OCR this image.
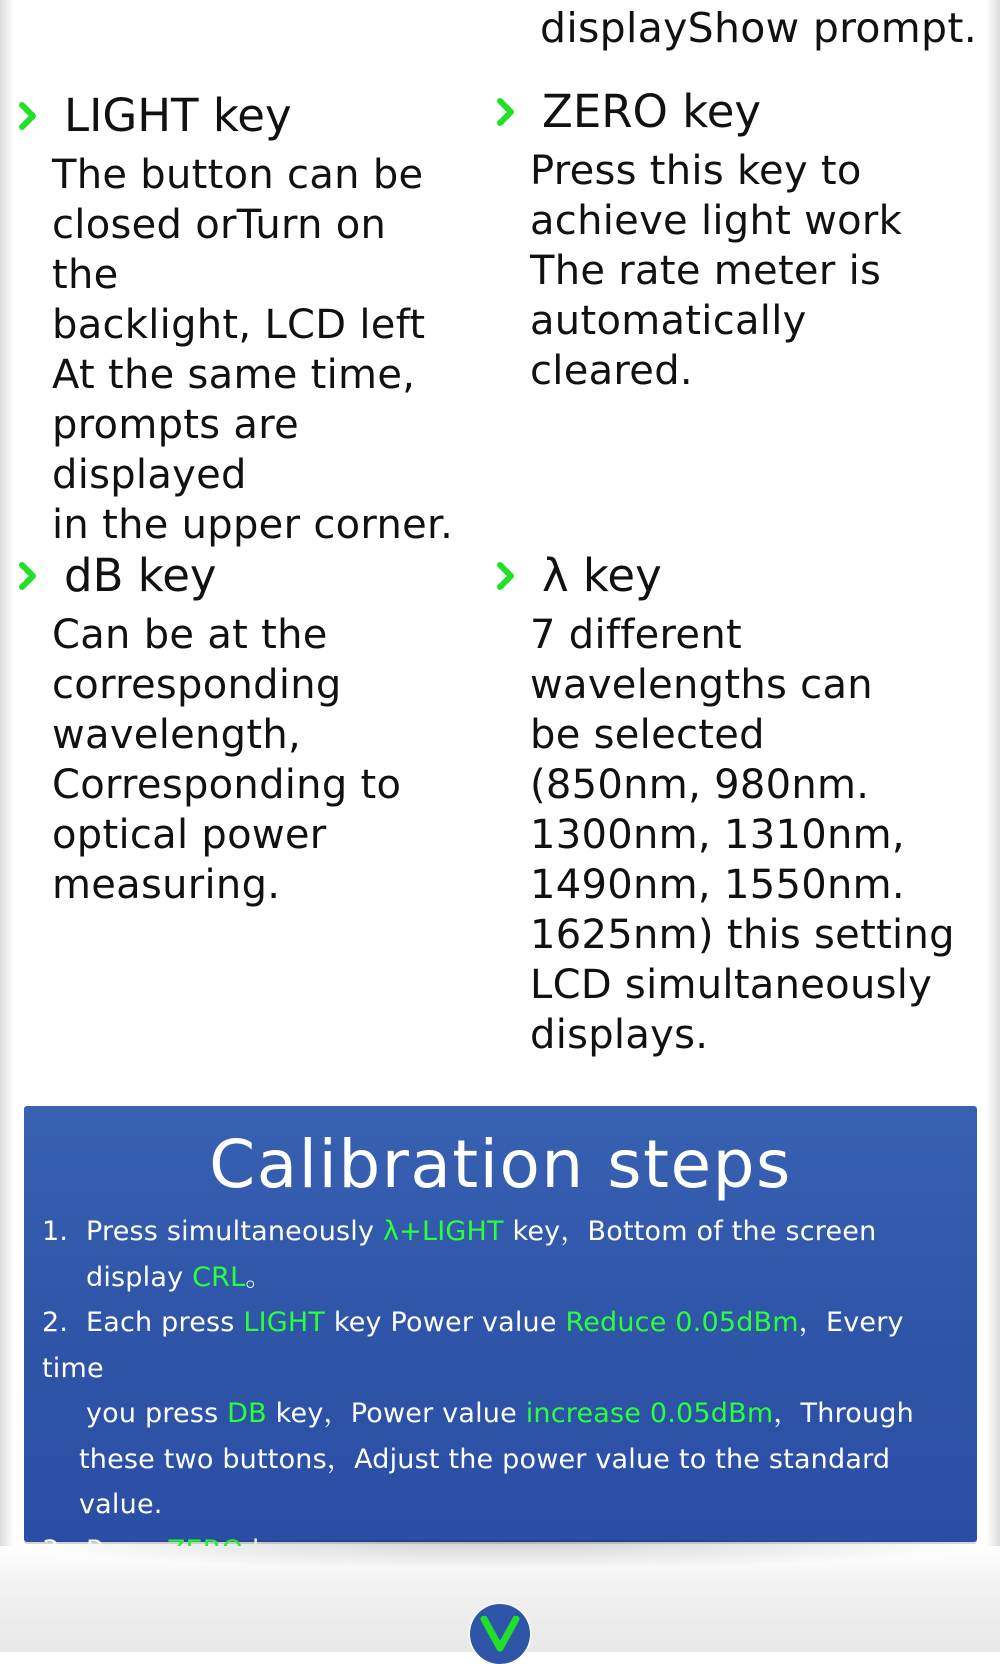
displayShow prompt.
LIGHT key
The button can be
closed orTurn on the
backlight, LCD left
At the same time,
prompts are
displayed
in the upper corner.
ZERO key
Press this key to
achieve light work
The rate meter is
automatically
cleared.
dB key
Can be at the
corresponding
wavelength,
Corresponding to
optical power
measuring.
λ key
7 different
wavelengths can
be selected
(850nm, 980nm.
1300nm, 1310nm,
1490nm, 1550nm.
1625nm) this setting
LCD simultaneously
displays.
Calibration steps
1. Press simultaneously λ+LIGHT key，Bottom of the screen
display CRL。
2. Each press LIGHT key Power value Reduce 0.05dBm，Every time
you press DB key，Power value increase 0.05dBm，Through
these two buttons，Adjust the power value to the standard value.
